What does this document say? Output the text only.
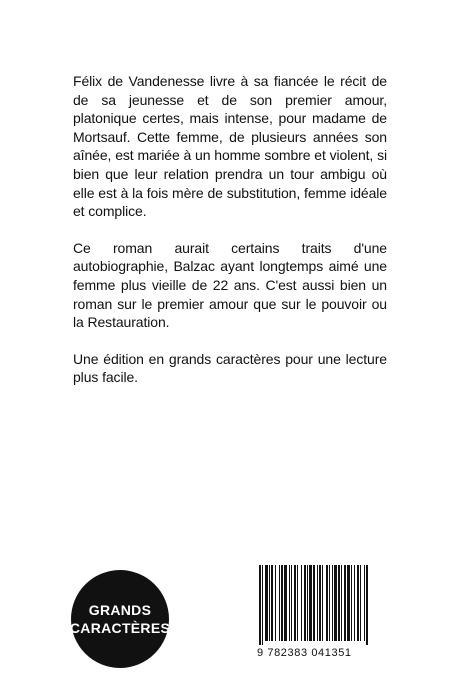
Félix de Vandenesse livre à sa fiancée le récit de de sa jeunesse et de son premier amour, platonique certes, mais intense, pour madame de Mortsauf. Cette femme, de plusieurs années son aînée, est mariée à un homme sombre et violent, si bien que leur relation prendra un tour ambigu où elle est à la fois mère de substitution, femme idéale et complice.

Ce roman aurait certains traits d'une autobiographie, Balzac ayant longtemps aimé une femme plus vieille de 22 ans. C'est aussi bien un roman sur le premier amour que sur le pouvoir ou la Restauration.

Une édition en grands caractères pour une lecture plus facile.

GRANDS
CARACTÈRES
9 782383 041351
